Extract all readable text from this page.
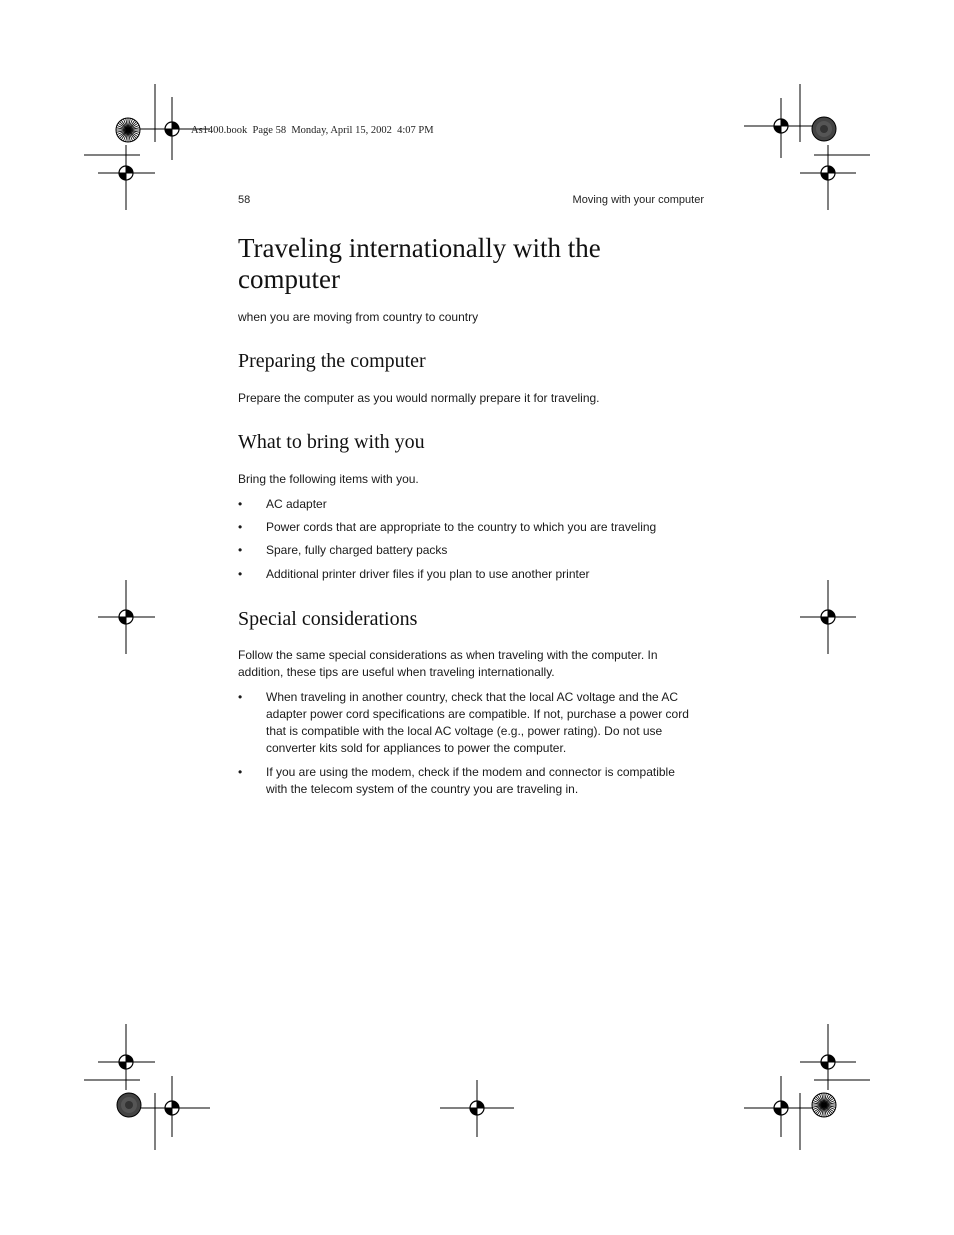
As1400.book  Page 58  Monday, April 15, 2002  4:07 PM
58	Moving with your computer
Traveling internationally with the computer

when you are moving from country to country

Preparing the computer

Prepare the computer as you would normally prepare it for traveling.

What to bring with you

Bring the following items with you.

•	AC adapter
•	Power cords that are appropriate to the country to which you are traveling
•	Spare, fully charged battery packs
•	Additional printer driver files if you plan to use another printer
Special considerations

Follow the same special considerations as when traveling with the computer. In addition, these tips are useful when traveling internationally.

•	When traveling in another country, check that the local AC voltage and the AC adapter power cord specifications are compatible. If not, purchase a power cord that is compatible with the local AC voltage (e.g., power rating). Do not use converter kits sold for appliances to power the computer.
•	If you are using the modem, check if the modem and connector is compatible with the telecom system of the country you are traveling in.
